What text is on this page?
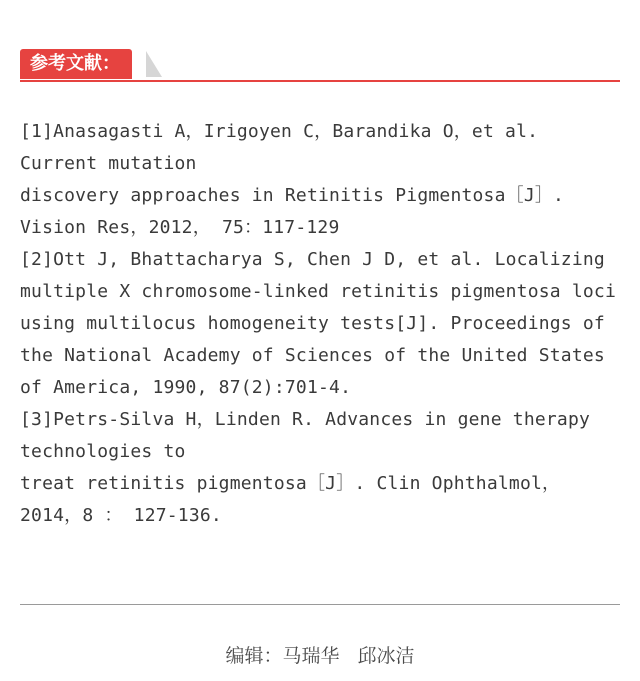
参考文献：
[1]Anasagasti A，Irigoyen C，Barandika O，et al.
Current mutation
discovery approaches in Retinitis Pigmentosa［J］.
Vision Res，2012， 75：117-129
[2]Ott J, Bhattacharya S, Chen J D, et al. Localizing
multiple X chromosome-linked retinitis pigmentosa loci
using multilocus homogeneity tests[J]. Proceedings of
the National Academy of Sciences of the United States
of America, 1990, 87(2):701-4.
[3]Petrs-Silva H，Linden R. Advances in gene therapy
technologies to
treat retinitis pigmentosa［J］. Clin Ophthalmol，
2014，8 ： 127-136.
编辑：马瑞华   邱冰洁
